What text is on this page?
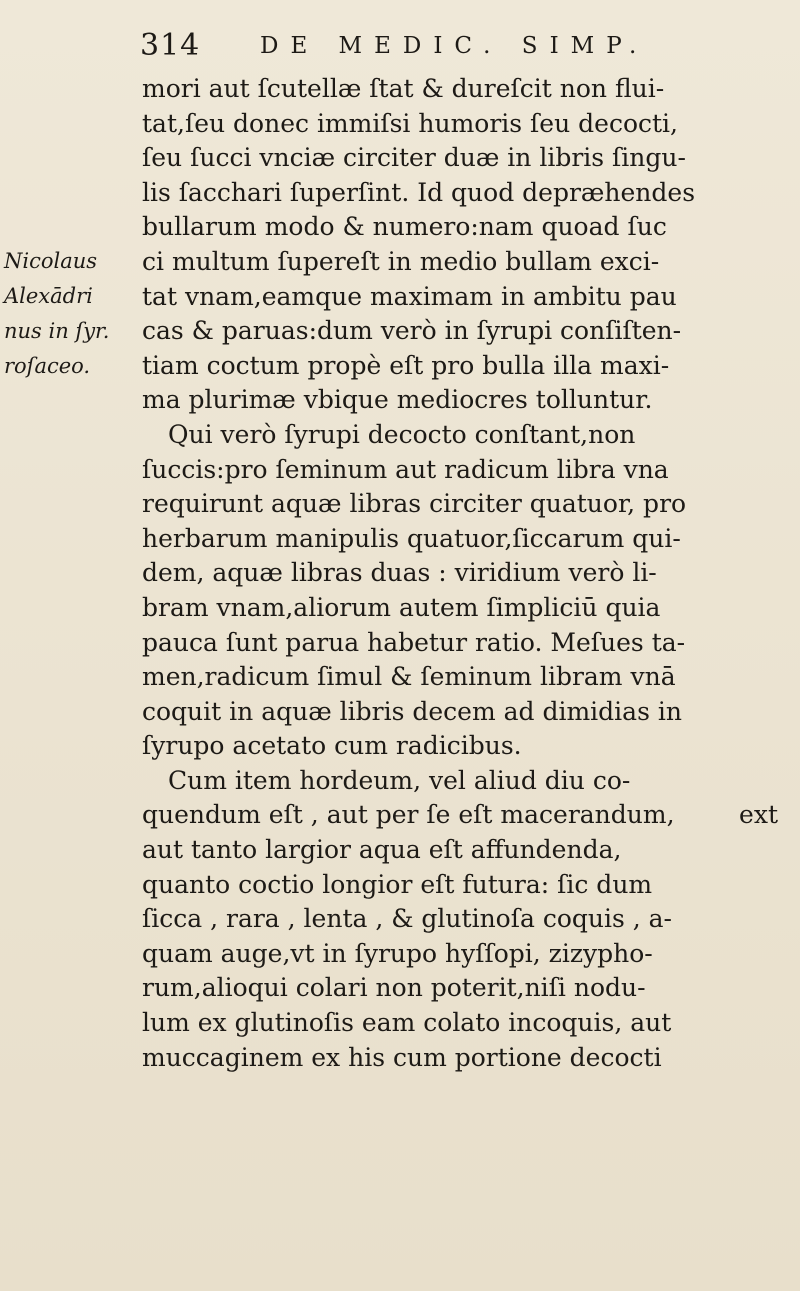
314	DE MEDIC. SIMP.
Nicolaus
Alexādri
nus in ſyr.
roſaceo.
mori aut ſcutellæ ſtat & dureſcit non flui-
tat,ſeu donec immiſsi humoris ſeu decocti,
ſeu ſucci vnciæ circiter duæ in libris ſingu-
lis ſacchari ſuperſint. Id quod depræhendes
bullarum modo & numero:nam quoad ſuc
ci multum ſupereſt in medio bullam exci-
tat vnam,eamque maximam in ambitu pau
cas & paruas:dum verò in ſyrupi conſiſten-
tiam coctum propè eſt pro bulla illa maxi-
ma plurimæ vbique mediocres tolluntur.
Qui verò ſyrupi decocto conſtant,non
ſuccis:pro ſeminum aut radicum libra vna
requirunt aquæ libras circiter quatuor, pro
herbarum manipulis quatuor,ſiccarum qui-
dem, aquæ libras duas : viridium verò li-
bram vnam,aliorum autem ſimpliciū quia
pauca ſunt parua habetur ratio. Meſues ta-
men,radicum ſimul & ſeminum libram vnā
coquit in aquæ libris decem ad dimidias in
ſyrupo acetato cum radicibus.
Cum item hordeum, vel aliud diu co-
quendum eſt , aut per ſe eſt macerandum,
aut tanto largior aqua eſt affundenda,
quanto coctio longior eſt futura: ſic dum
ſicca , rara , lenta , & glutinoſa coquis , a-
quam auge,vt in ſyrupo hyſſopi, zizypho-
rum,alioqui colari non poterit,niſi nodu-
lum ex glutinoſis eam colato incoquis, aut
muccaginem ex his cum portione decocti
ext
